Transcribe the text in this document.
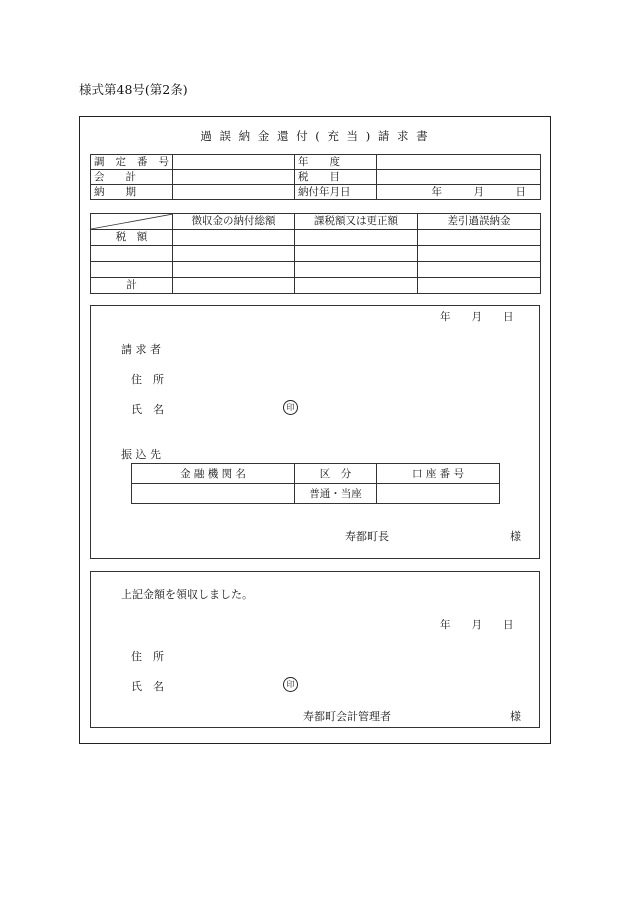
様式第48号(第2条)
過 誤 納 金 還 付 ( 充 当 ) 請 求 書
調定番号		年　　度	
会　　計		税　　目	
納　　期		納付年月日	年　　　月　　　日
	徴収金の納付総額	課税額又は更正額	差引過誤納金
税　額			

計			
年　　月　　日
請 求 者
住　所
氏　名	印
振 込 先
金 融 機 関 名	区　分	口 座 番 号
	普通・当座	
寿都町長	様
上記金額を領収しました。
年　　月　　日
住　所
氏　名	印
寿都町会計管理者	様
